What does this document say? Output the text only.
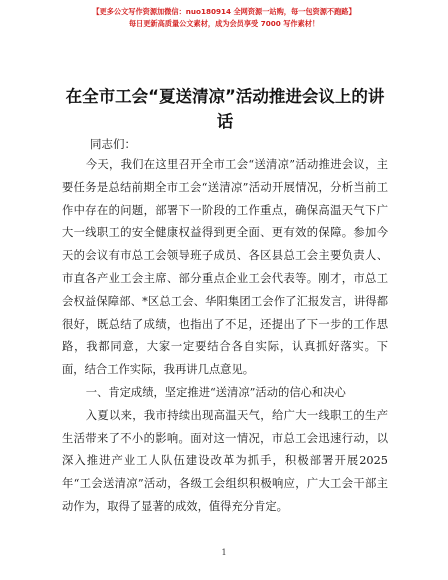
【更多公文写作资源加微信：nuo180914 全网资源一站购，每一包资源不跑路】
每日更新高质量公文素材，成为会员享受 7000 写作素材！
在全市工会“夏送清凉”活动推进会议上的讲话
同志们：

今天，我们在这里召开全市工会“送清凉”活动推进会议，主要任务是总结前期全市工会“送清凉”活动开展情况，分析当前工作中存在的问题，部署下一阶段的工作重点，确保高温天气下广大一线职工的安全健康权益得到更全面、更有效的保障。参加今天的会议有市总工会领导班子成员、各区县总工会主要负责人、市直各产业工会主席、部分重点企业工会代表等。刚才，市总工会权益保障部、*区总工会、华阳集团工会作了汇报发言，讲得都很好，既总结了成绩，也指出了不足，还提出了下一步的工作思路，我都同意，大家一定要结合各自实际，认真抓好落实。下面，结合工作实际，我再讲几点意见。

一、肯定成绩，坚定推进“送清凉”活动的信心和决心

入夏以来，我市持续出现高温天气，给广大一线职工的生产生活带来了不小的影响。面对这一情况，市总工会迅速行动，以深入推进产业工人队伍建设改革为抓手，积极部署开展2025 年“工会送清凉”活动，各级工会组织积极响应，广大工会干部主动作为，取得了显著的成效，值得充分肯定。

1
